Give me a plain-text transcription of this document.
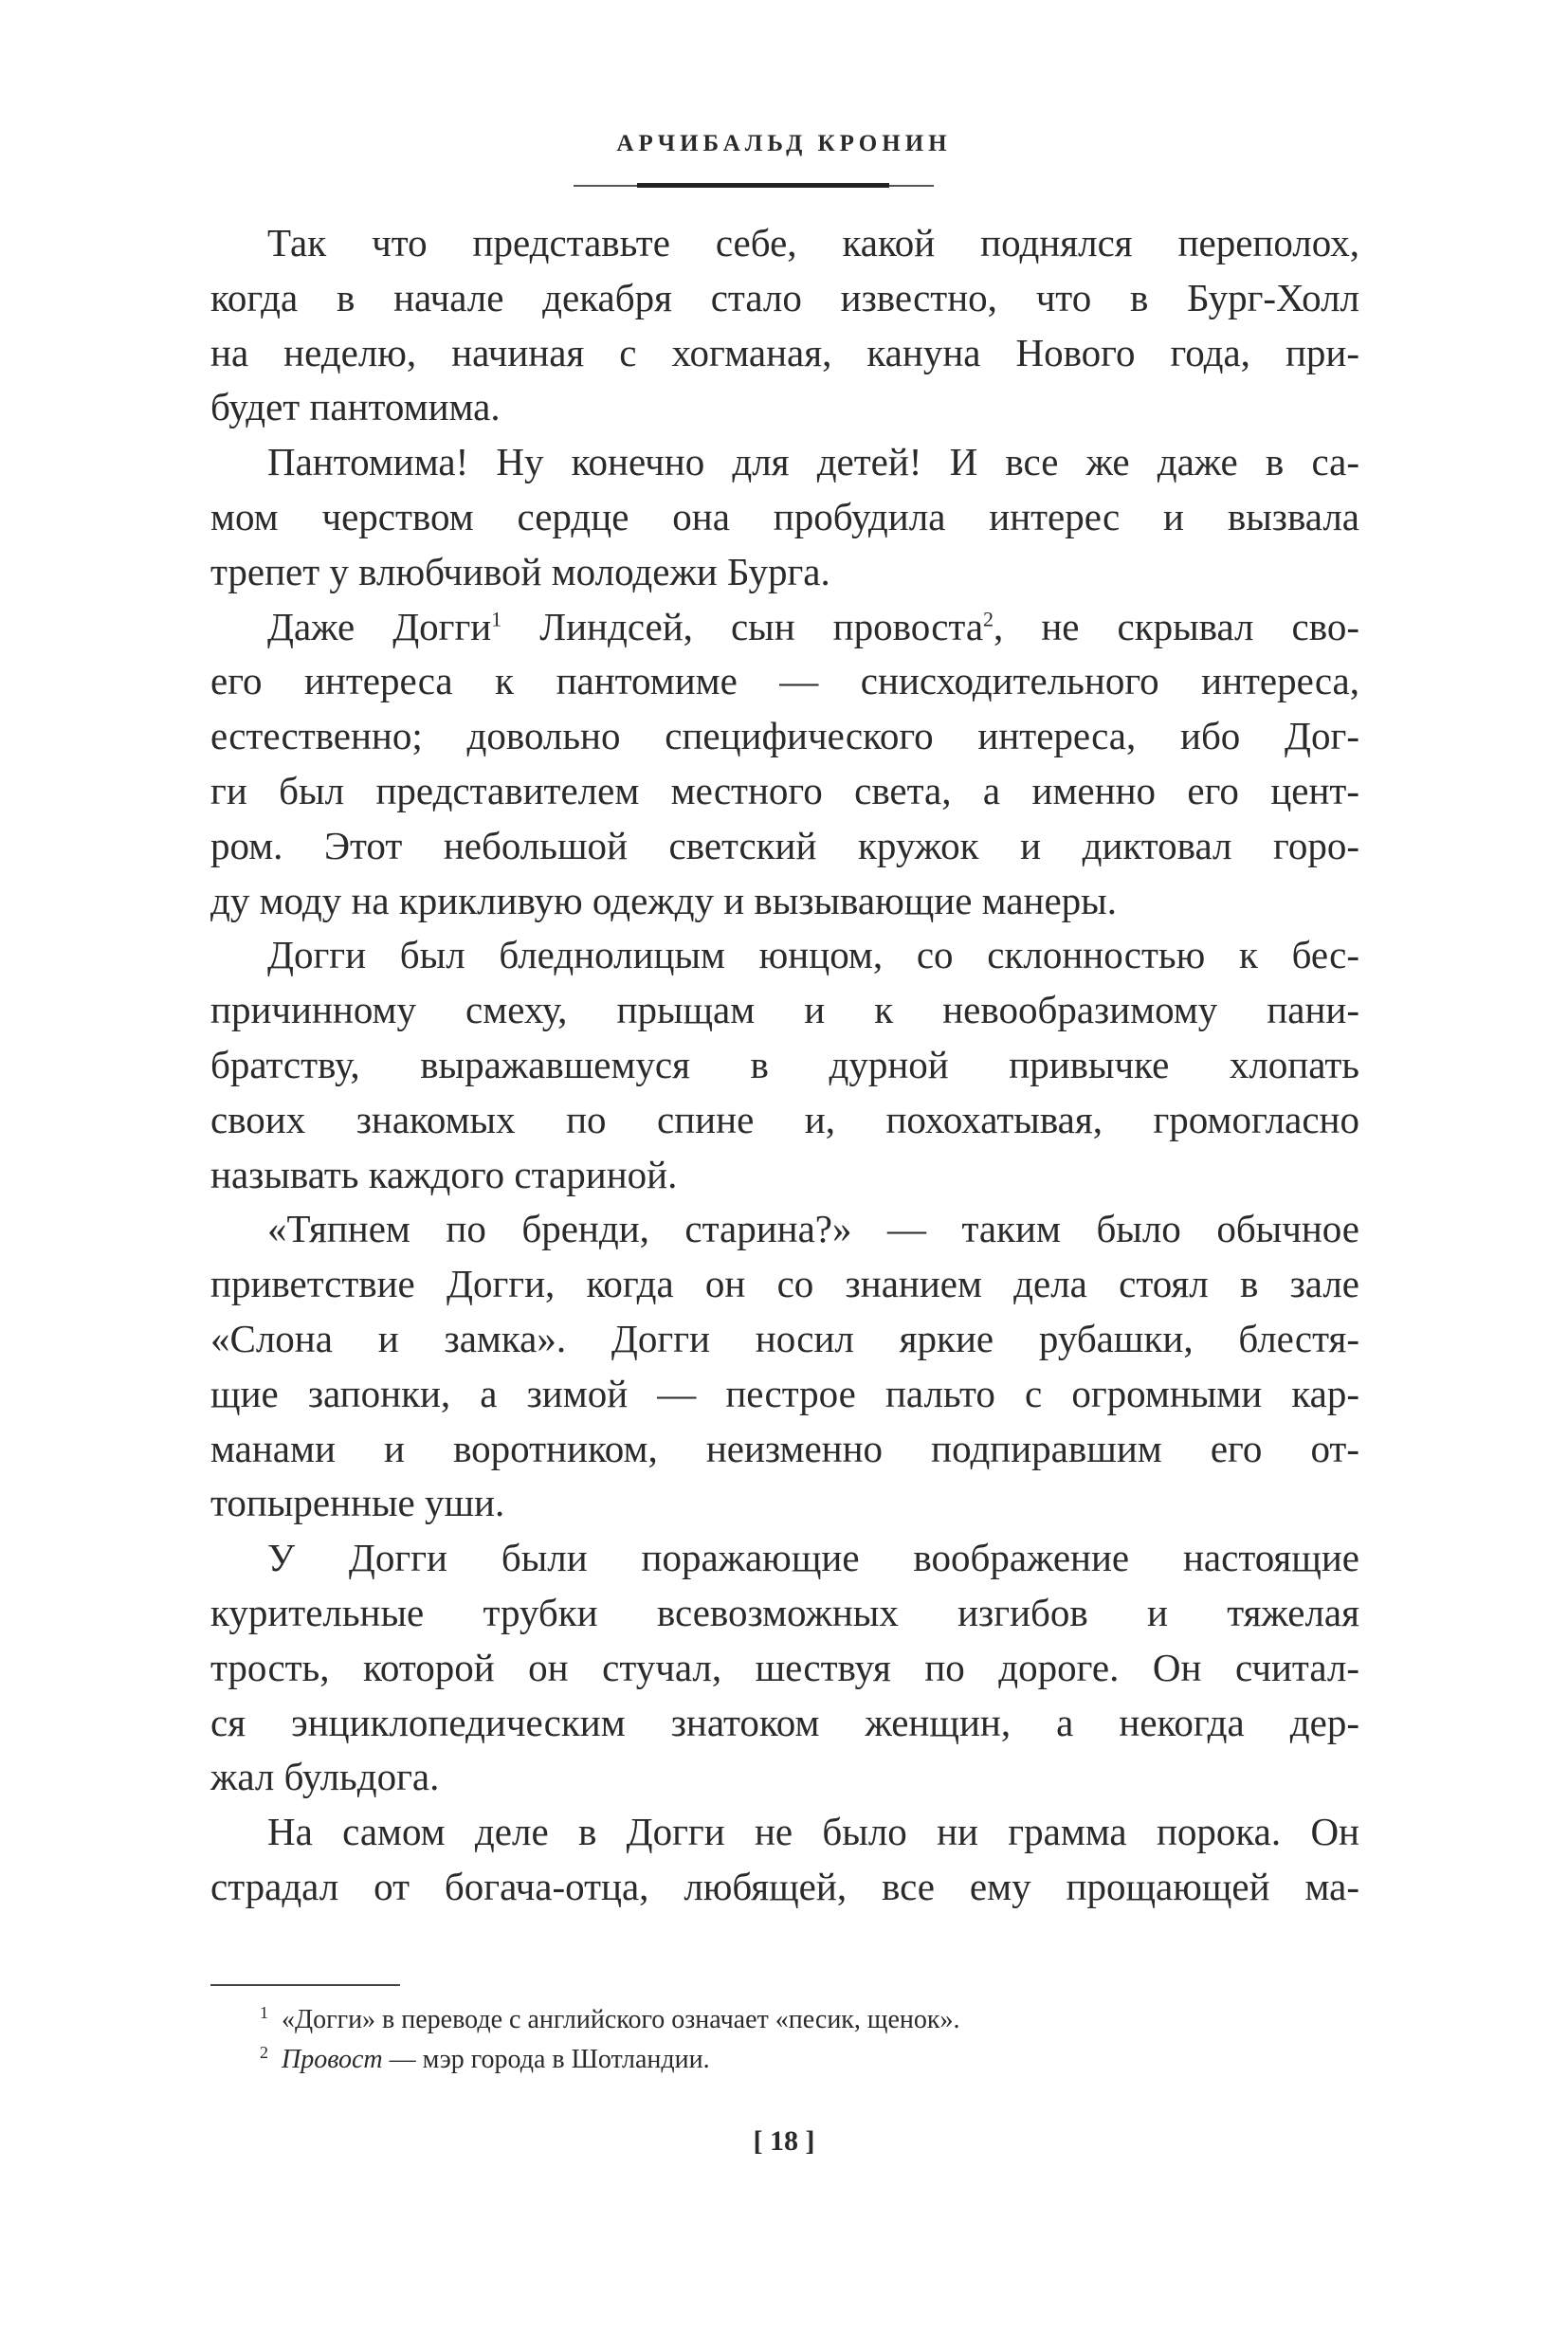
АРЧИБАЛЬД КРОНИН
Так что представьте себе, какой поднялся переполох,
когда в начале декабря стало известно, что в Бург-Холл
на неделю, начиная с хогманая, кануна Нового года, при-
будет пантомима.
Пантомима! Ну конечно для детей! И все же даже в са-
мом черством сердце она пробудила интерес и вызвала
трепет у влюбчивой молодежи Бурга.
Даже Догги$^1$ Линдсей, сын провоста$^2$, не скрывал сво-
его интереса к пантомиме — снисходительного интереса,
естественно; довольно специфического интереса, ибо Дог-
ги был представителем местного света, а именно его цент-
ром. Этот небольшой светский кружок и диктовал горо-
ду моду на крикливую одежду и вызывающие манеры.
Догги был бледнолицым юнцом, со склонностью к бес-
причинному смеху, прыщам и к невообразимому пани-
братству, выражавшемуся в дурной привычке хлопать
своих знакомых по спине и, похохатывая, громогласно
называть каждого стариной.
«Тяпнем по бренди, старина?» — таким было обычное
приветствие Догги, когда он со знанием дела стоял в зале
«Слона и замка». Догги носил яркие рубашки, блестя-
щие запонки, а зимой — пестрое пальто с огромными кар-
манами и воротником, неизменно подпиравшим его от-
топыренные уши.
У Догги были поражающие воображение настоящие
курительные трубки всевозможных изгибов и тяжелая
трость, которой он стучал, шествуя по дороге. Он считал-
ся энциклопедическим знатоком женщин, а некогда дер-
жал бульдога.
На самом деле в Догги не было ни грамма порока. Он
страдал от богача-отца, любящей, все ему прощающей ма-
$^1$ «Догги» в переводе с английского означает «песик, щенок».
$^2$ Провост — мэр города в Шотландии.
[ 18 ]
